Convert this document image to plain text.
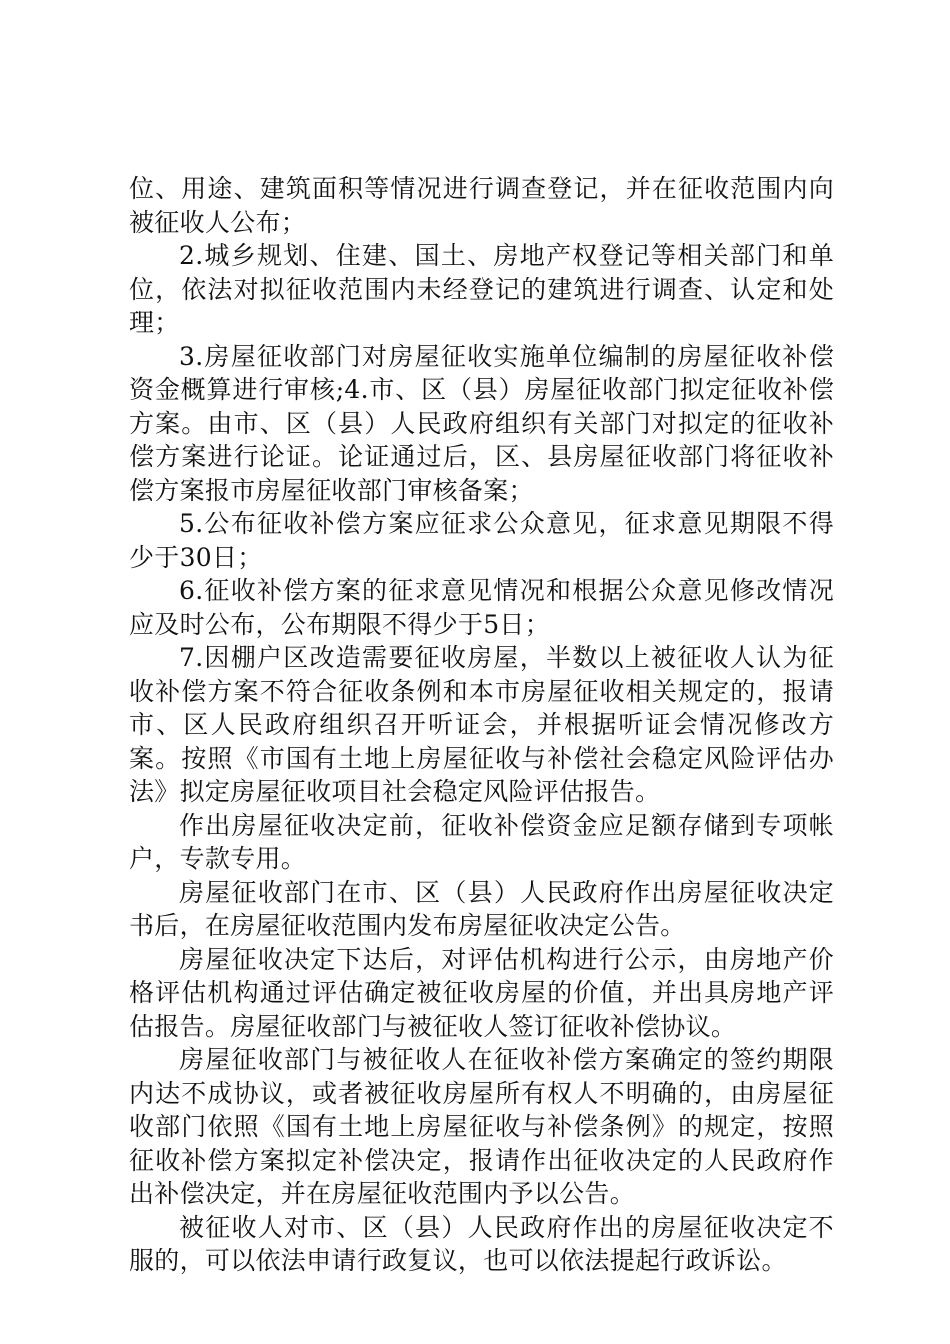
位、用途、建筑面积等情况进行调查登记，并在征收范围内向被征收人公布；

2.城乡规划、住建、国土、房地产权登记等相关部门和单位，依法对拟征收范围内未经登记的建筑进行调查、认定和处理；

3.房屋征收部门对房屋征收实施单位编制的房屋征收补偿资金概算进行审核;4.市、区（县）房屋征收部门拟定征收补偿方案。由市、区（县）人民政府组织有关部门对拟定的征收补偿方案进行论证。论证通过后，区、县房屋征收部门将征收补偿方案报市房屋征收部门审核备案；

5.公布征收补偿方案应征求公众意见，征求意见期限不得少于30日；

6.征收补偿方案的征求意见情况和根据公众意见修改情况应及时公布，公布期限不得少于5日；

7.因棚户区改造需要征收房屋，半数以上被征收人认为征收补偿方案不符合征收条例和本市房屋征收相关规定的，报请市、区人民政府组织召开听证会，并根据听证会情况修改方案。按照《市国有土地上房屋征收与补偿社会稳定风险评估办法》拟定房屋征收项目社会稳定风险评估报告。

作出房屋征收决定前，征收补偿资金应足额存储到专项帐户，专款专用。

房屋征收部门在市、区（县）人民政府作出房屋征收决定书后，在房屋征收范围内发布房屋征收决定公告。

房屋征收决定下达后，对评估机构进行公示，由房地产价格评估机构通过评估确定被征收房屋的价值，并出具房地产评估报告。房屋征收部门与被征收人签订征收补偿协议。

房屋征收部门与被征收人在征收补偿方案确定的签约期限内达不成协议，或者被征收房屋所有权人不明确的，由房屋征收部门依照《国有土地上房屋征收与补偿条例》的规定，按照征收补偿方案拟定补偿决定，报请作出征收决定的人民政府作出补偿决定，并在房屋征收范围内予以公告。

被征收人对市、区（县）人民政府作出的房屋征收决定不服的，可以依法申请行政复议，也可以依法提起行政诉讼。
